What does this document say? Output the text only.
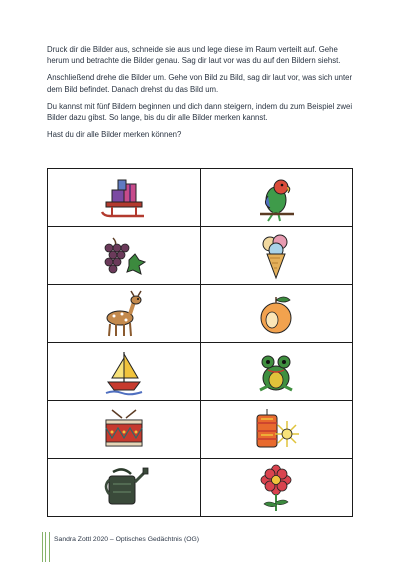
Druck dir die Bilder aus, schneide sie aus und lege diese im Raum verteilt auf. Gehe herum und betrachte die Bilder genau. Sag dir laut vor was du auf den Bildern siehst.

Anschließend drehe die Bilder um. Gehe von Bild zu Bild, sag dir laut vor, was sich unter dem Bild befindet. Danach drehst du das Bild um.

Du kannst mit fünf Bildern beginnen und dich dann steigern, indem du zum Beispiel zwei Bilder dazu gibst. So lange, bis du dir alle Bilder merken kannst.

Hast du dir alle Bilder merken können?

Sandra Zottl 2020 – Optisches Gedächtnis (OG)
